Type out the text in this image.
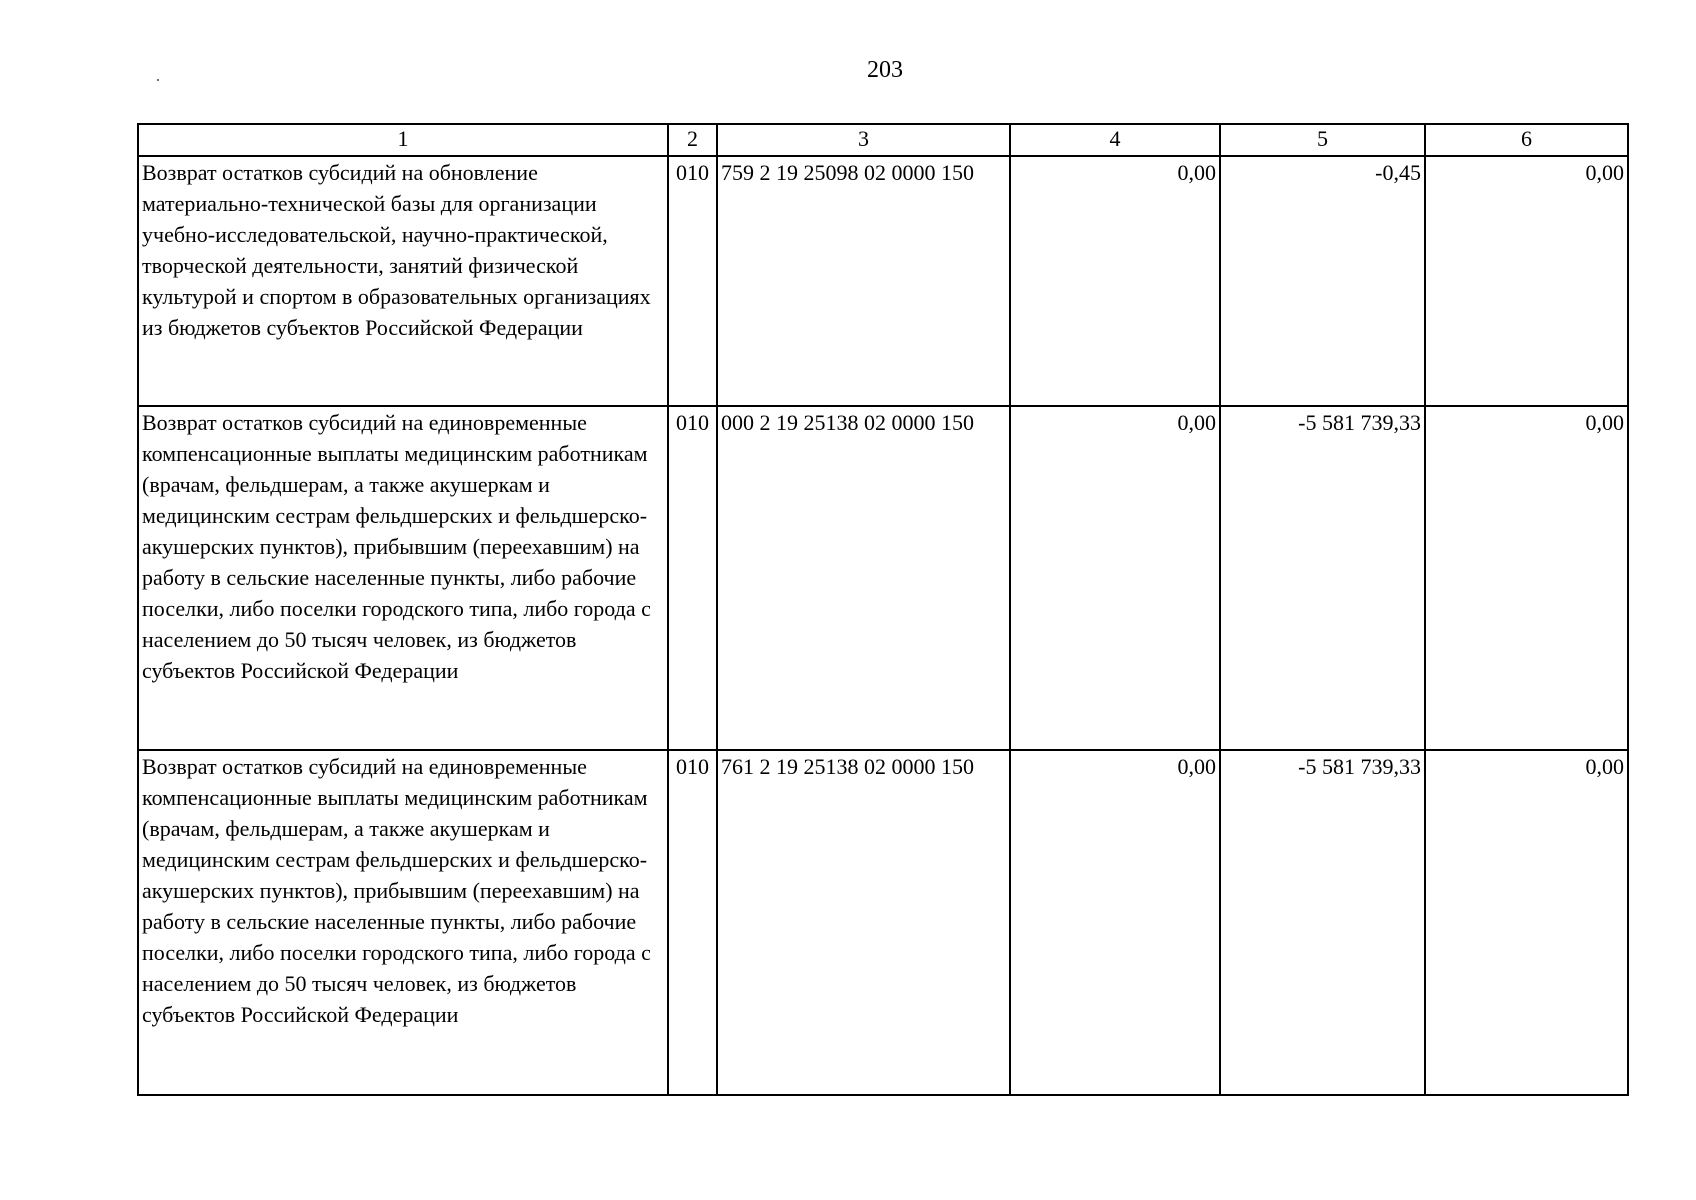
203
1	2	3	4	5	6
Возврат остатков субсидий на обновление материально-технической базы для организации учебно-исследовательской, научно-практической, творческой деятельности, занятий физической культурой и спортом в образовательных организациях из бюджетов субъектов Российской Федерации	010	759 2 19 25098 02 0000 150	0,00	-0,45	0,00
Возврат остатков субсидий на единовременные компенсационные выплаты медицинским работникам (врачам, фельдшерам, а также акушеркам и медицинским сестрам фельдшерских и фельдшерско-акушерских пунктов), прибывшим (переехавшим) на работу в сельские населенные пункты, либо рабочие поселки, либо поселки городского типа, либо города с населением до 50 тысяч человек, из бюджетов субъектов Российской Федерации	010	000 2 19 25138 02 0000 150	0,00	-5 581 739,33	0,00
Возврат остатков субсидий на единовременные компенсационные выплаты медицинским работникам (врачам, фельдшерам, а также акушеркам и медицинским сестрам фельдшерских и фельдшерско-акушерских пунктов), прибывшим (переехавшим) на работу в сельские населенные пункты, либо рабочие поселки, либо поселки городского типа, либо города с населением до 50 тысяч человек, из бюджетов субъектов Российской Федерации	010	761 2 19 25138 02 0000 150	0,00	-5 581 739,33	0,00
